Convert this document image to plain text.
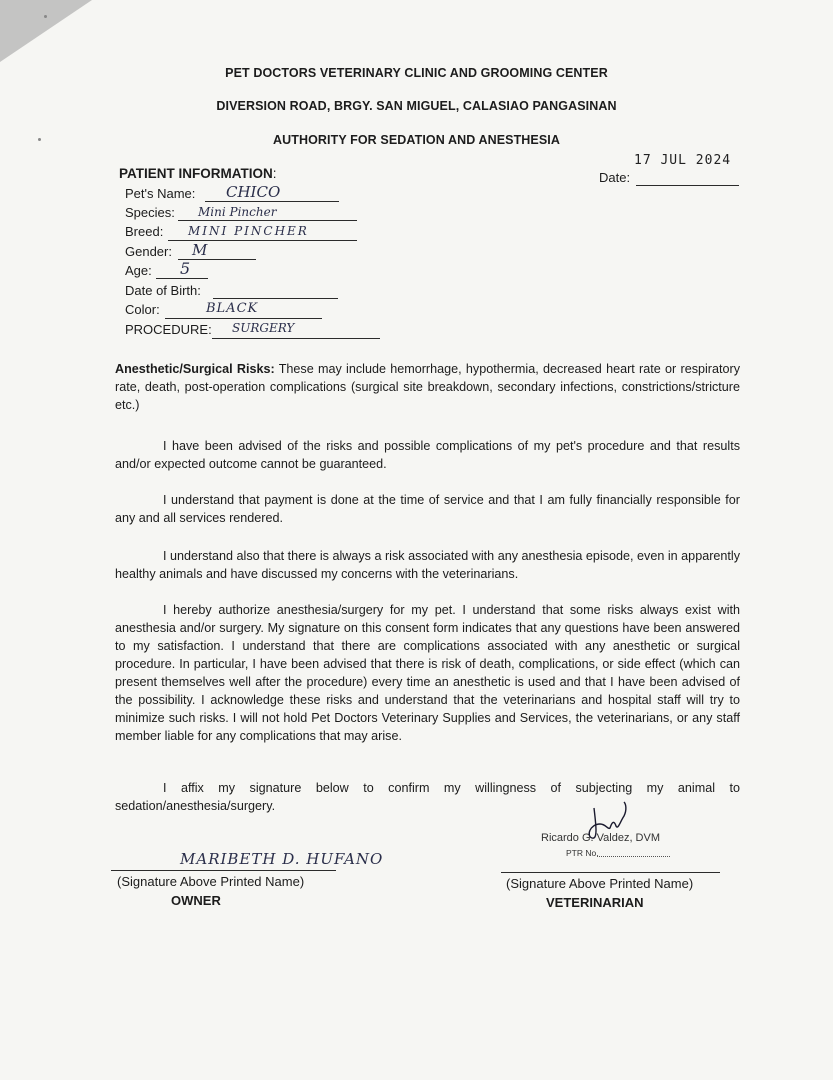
PET DOCTORS VETERINARY CLINIC AND GROOMING CENTER
DIVERSION ROAD, BRGY. SAN MIGUEL, CALASIAO PANGASINAN
AUTHORITY FOR SEDATION AND ANESTHESIA
17 JUL 2024
Date:
PATIENT INFORMATION:
Pet's Name: CHICO
Species: Mini Pincher
Breed: MINI PINCHER
Gender: M
Age: 5
Date of Birth:
Color:	BLACK
PROCEDURE: SURGERY
Anesthetic/Surgical Risks: These may include hemorrhage, hypothermia, decreased heart rate or respiratory rate, death, post-operation complications (surgical site breakdown, secondary infections, constrictions/stricture etc.)
I have been advised of the risks and possible complications of my pet's procedure and that results and/or expected outcome cannot be guaranteed.
I understand that payment is done at the time of service and that I am fully financially responsible for any and all services rendered.
I understand also that there is always a risk associated with any anesthesia episode, even in apparently healthy animals and have discussed my concerns with the veterinarians.
I hereby authorize anesthesia/surgery for my pet. I understand that some risks always exist with anesthesia and/or surgery. My signature on this consent form indicates that any questions have been answered to my satisfaction. I understand that there are complications associated with any anesthetic or surgical procedure. In particular, I have been advised that there is risk of death, complications, or side effect (which can present themselves well after the procedure) every time an anesthetic is used and that I have been advised of the possibility. I acknowledge these risks and understand that the veterinarians and hospital staff will try to minimize such risks. I will not hold Pet Doctors Veterinary Supplies and Services, the veterinarians, or any staff member liable for any complications that may arise.
I affix my signature below to confirm my willingness of subjecting my animal to sedation/anesthesia/surgery.
MARIBETH D. HUFANO
(Signature Above Printed Name)
OWNER
Ricardo G. Valdez, DVM
PTR No.
(Signature Above Printed Name)
VETERINARIAN
